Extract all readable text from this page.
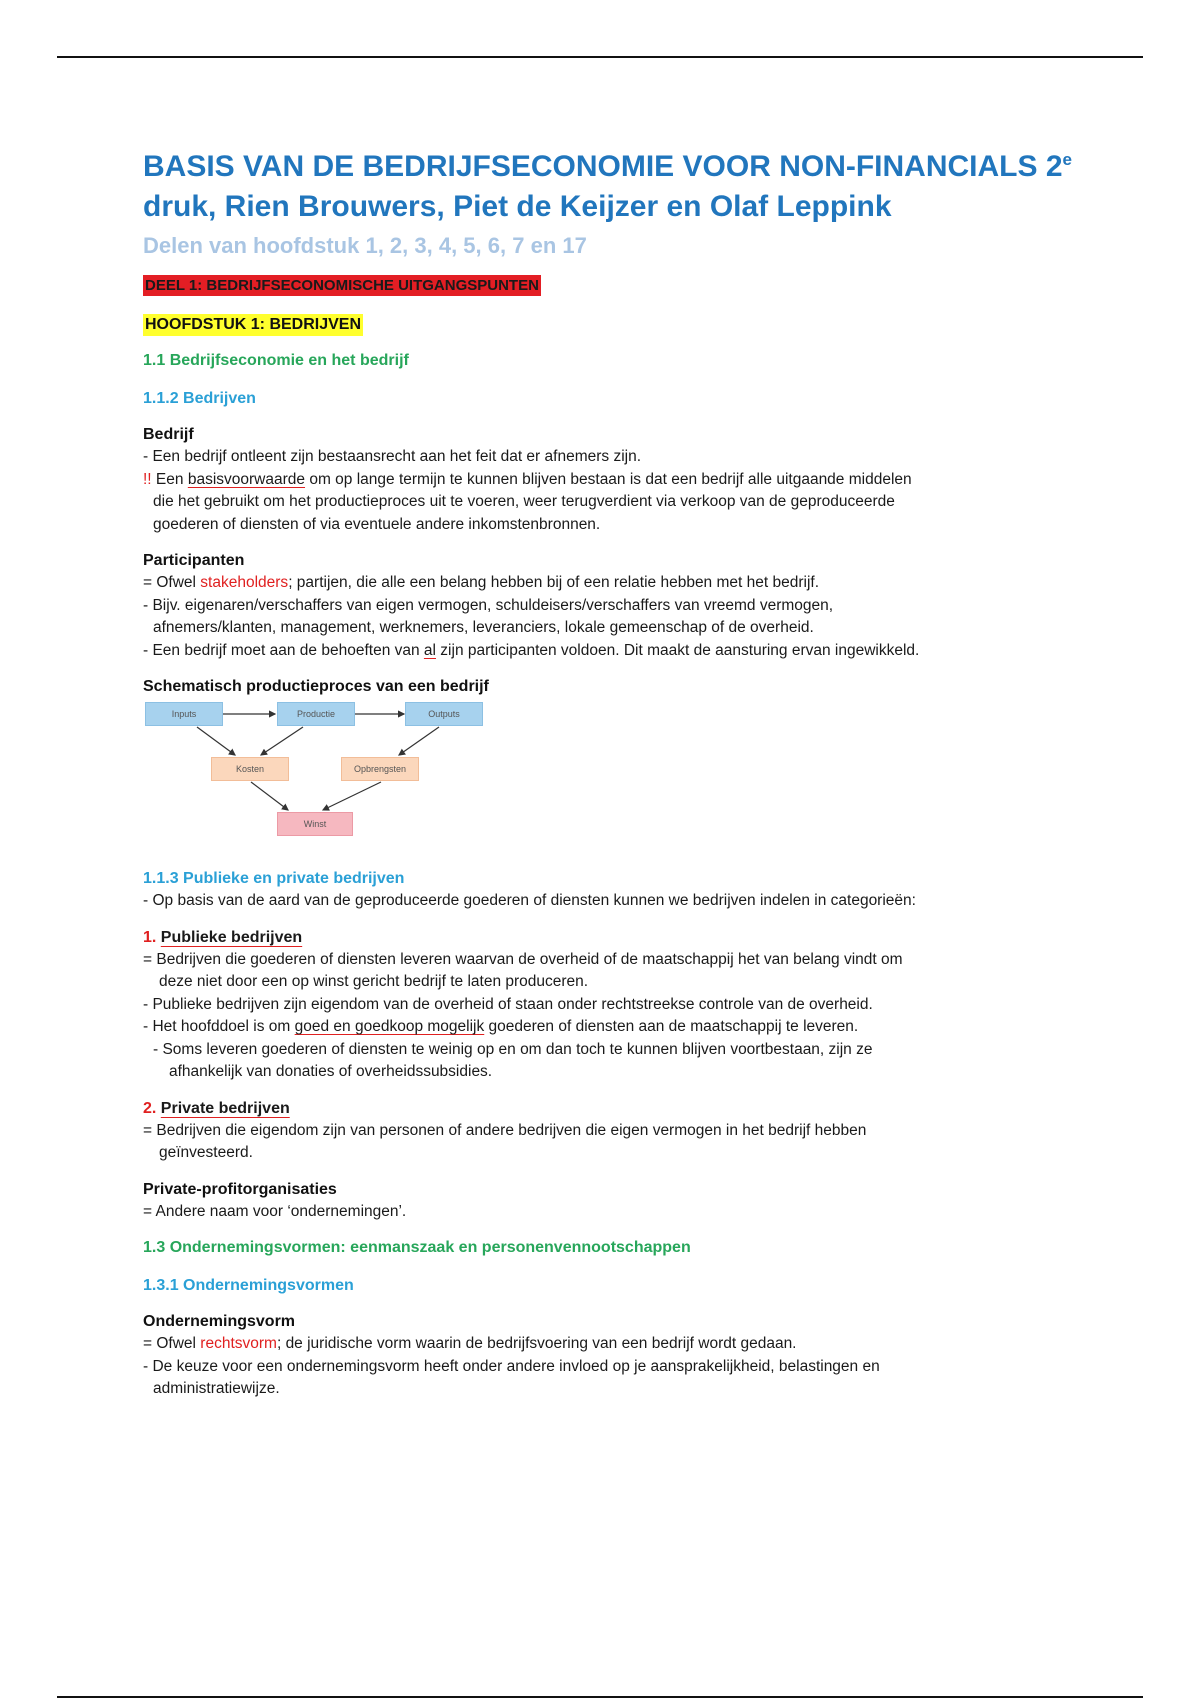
BASIS VAN DE BEDRIJFSECONOMIE VOOR NON-FINANCIALS 2e druk, Rien Brouwers, Piet de Keijzer en Olaf Leppink
Delen van hoofdstuk 1, 2, 3, 4, 5, 6, 7 en 17
DEEL 1: BEDRIJFSECONOMISCHE UITGANGSPUNTEN
HOOFDSTUK 1: BEDRIJVEN
1.1 Bedrijfseconomie en het bedrijf
1.1.2 Bedrijven
Bedrijf

- Een bedrijf ontleent zijn bestaansrecht aan het feit dat er afnemers zijn.
!! Een basisvoorwaarde om op lange termijn te kunnen blijven bestaan is dat een bedrijf alle uitgaande middelen
die het gebruikt om het productieproces uit te voeren, weer terugverdient via verkoop van de geproduceerde
goederen of diensten of via eventuele andere inkomstenbronnen.

Participanten

= Ofwel stakeholders; partijen, die alle een belang hebben bij of een relatie hebben met het bedrijf.
- Bijv. eigenaren/verschaffers van eigen vermogen, schuldeisers/verschaffers van vreemd vermogen,
afnemers/klanten, management, werknemers, leveranciers, lokale gemeenschap of de overheid.
- Een bedrijf moet aan de behoeften van al zijn participanten voldoen. Dit maakt de aansturing ervan ingewikkeld.

Schematisch productieproces van een bedrijf
Inputs	Productie	Outputs
Kosten	Opbrengsten
Winst
1.1.3 Publieke en private bedrijven

- Op basis van de aard van de geproduceerde goederen of diensten kunnen we bedrijven indelen in categorieën:

1. Publieke bedrijven

= Bedrijven die goederen of diensten leveren waarvan de overheid of de maatschappij het van belang vindt om
deze niet door een op winst gericht bedrijf te laten produceren.
- Publieke bedrijven zijn eigendom van de overheid of staan onder rechtstreekse controle van de overheid.
- Het hoofddoel is om goed en goedkoop mogelijk goederen of diensten aan de maatschappij te leveren.
- Soms leveren goederen of diensten te weinig op en om dan toch te kunnen blijven voortbestaan, zijn ze
afhankelijk van donaties of overheidssubsidies.

2. Private bedrijven

= Bedrijven die eigendom zijn van personen of andere bedrijven die eigen vermogen in het bedrijf hebben
geïnvesteerd.

Private-profitorganisaties

= Andere naam voor ‘ondernemingen’.

1.3 Ondernemingsvormen: eenmanszaak en personenvennootschappen
1.3.1 Ondernemingsvormen
Ondernemingsvorm

= Ofwel rechtsvorm; de juridische vorm waarin de bedrijfsvoering van een bedrijf wordt gedaan.
- De keuze voor een ondernemingsvorm heeft onder andere invloed op je aansprakelijkheid, belastingen en
administratiewijze.
